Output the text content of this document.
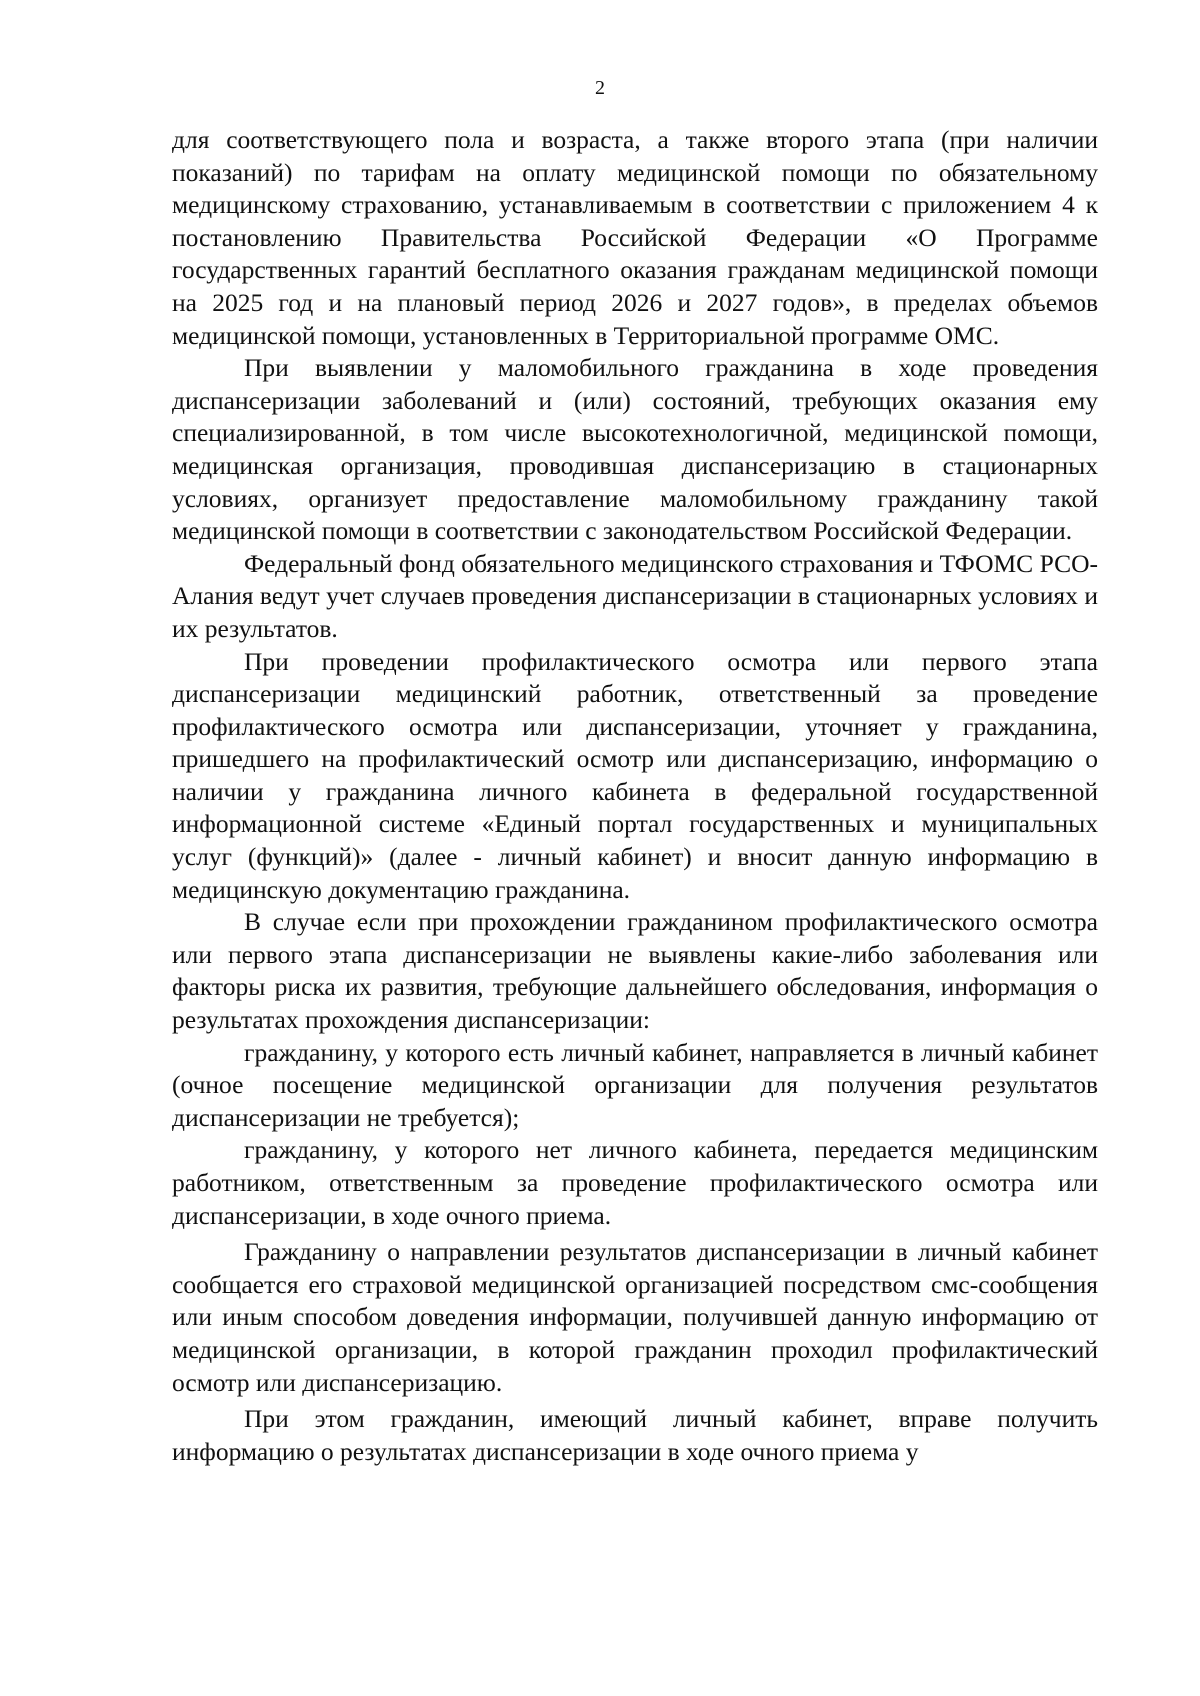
2

для соответствующего пола и возраста, а также второго этапа (при наличии показаний) по тарифам на оплату медицинской помощи по обязательному медицинскому страхованию, устанавливаемым в соответствии с приложением 4 к постановлению Правительства Российской Федерации «О Программе государственных гарантий бесплатного оказания гражданам медицинской помощи на 2025 год и на плановый период 2026 и 2027 годов», в пределах объемов медицинской помощи, установленных в Территориальной программе ОМС.

При выявлении у маломобильного гражданина в ходе проведения диспансеризации заболеваний и (или) состояний, требующих оказания ему специализированной, в том числе высокотехнологичной, медицинской помощи, медицинская организация, проводившая диспансеризацию в стационарных условиях, организует предоставление маломобильному гражданину такой медицинской помощи в соответствии с законодательством Российской Федерации.

Федеральный фонд обязательного медицинского страхования и ТФОМС РСО-Алания ведут учет случаев проведения диспансеризации в стационарных условиях и их результатов.

При проведении профилактического осмотра или первого этапа диспансеризации медицинский работник, ответственный за проведение профилактического осмотра или диспансеризации, уточняет у гражданина, пришедшего на профилактический осмотр или диспансеризацию, информацию о наличии у гражданина личного кабинета в федеральной государственной информационной системе «Единый портал государственных и муниципальных услуг (функций)» (далее - личный кабинет) и вносит данную информацию в медицинскую документацию гражданина.

В случае если при прохождении гражданином профилактического осмотра или первого этапа диспансеризации не выявлены какие-либо заболевания или факторы риска их развития, требующие дальнейшего обследования, информация о результатах прохождения диспансеризации:

гражданину, у которого есть личный кабинет, направляется в личный кабинет (очное посещение медицинской организации для получения результатов диспансеризации не требуется);

гражданину, у которого нет личного кабинета, передается медицинским работником, ответственным за проведение профилактического осмотра или диспансеризации, в ходе очного приема.

Гражданину о направлении результатов диспансеризации в личный кабинет сообщается его страховой медицинской организацией посредством смс-сообщения или иным способом доведения информации, получившей данную информацию от медицинской организации, в которой гражданин проходил профилактический осмотр или диспансеризацию.

При этом гражданин, имеющий личный кабинет, вправе получить информацию о результатах диспансеризации в ходе очного приема у
